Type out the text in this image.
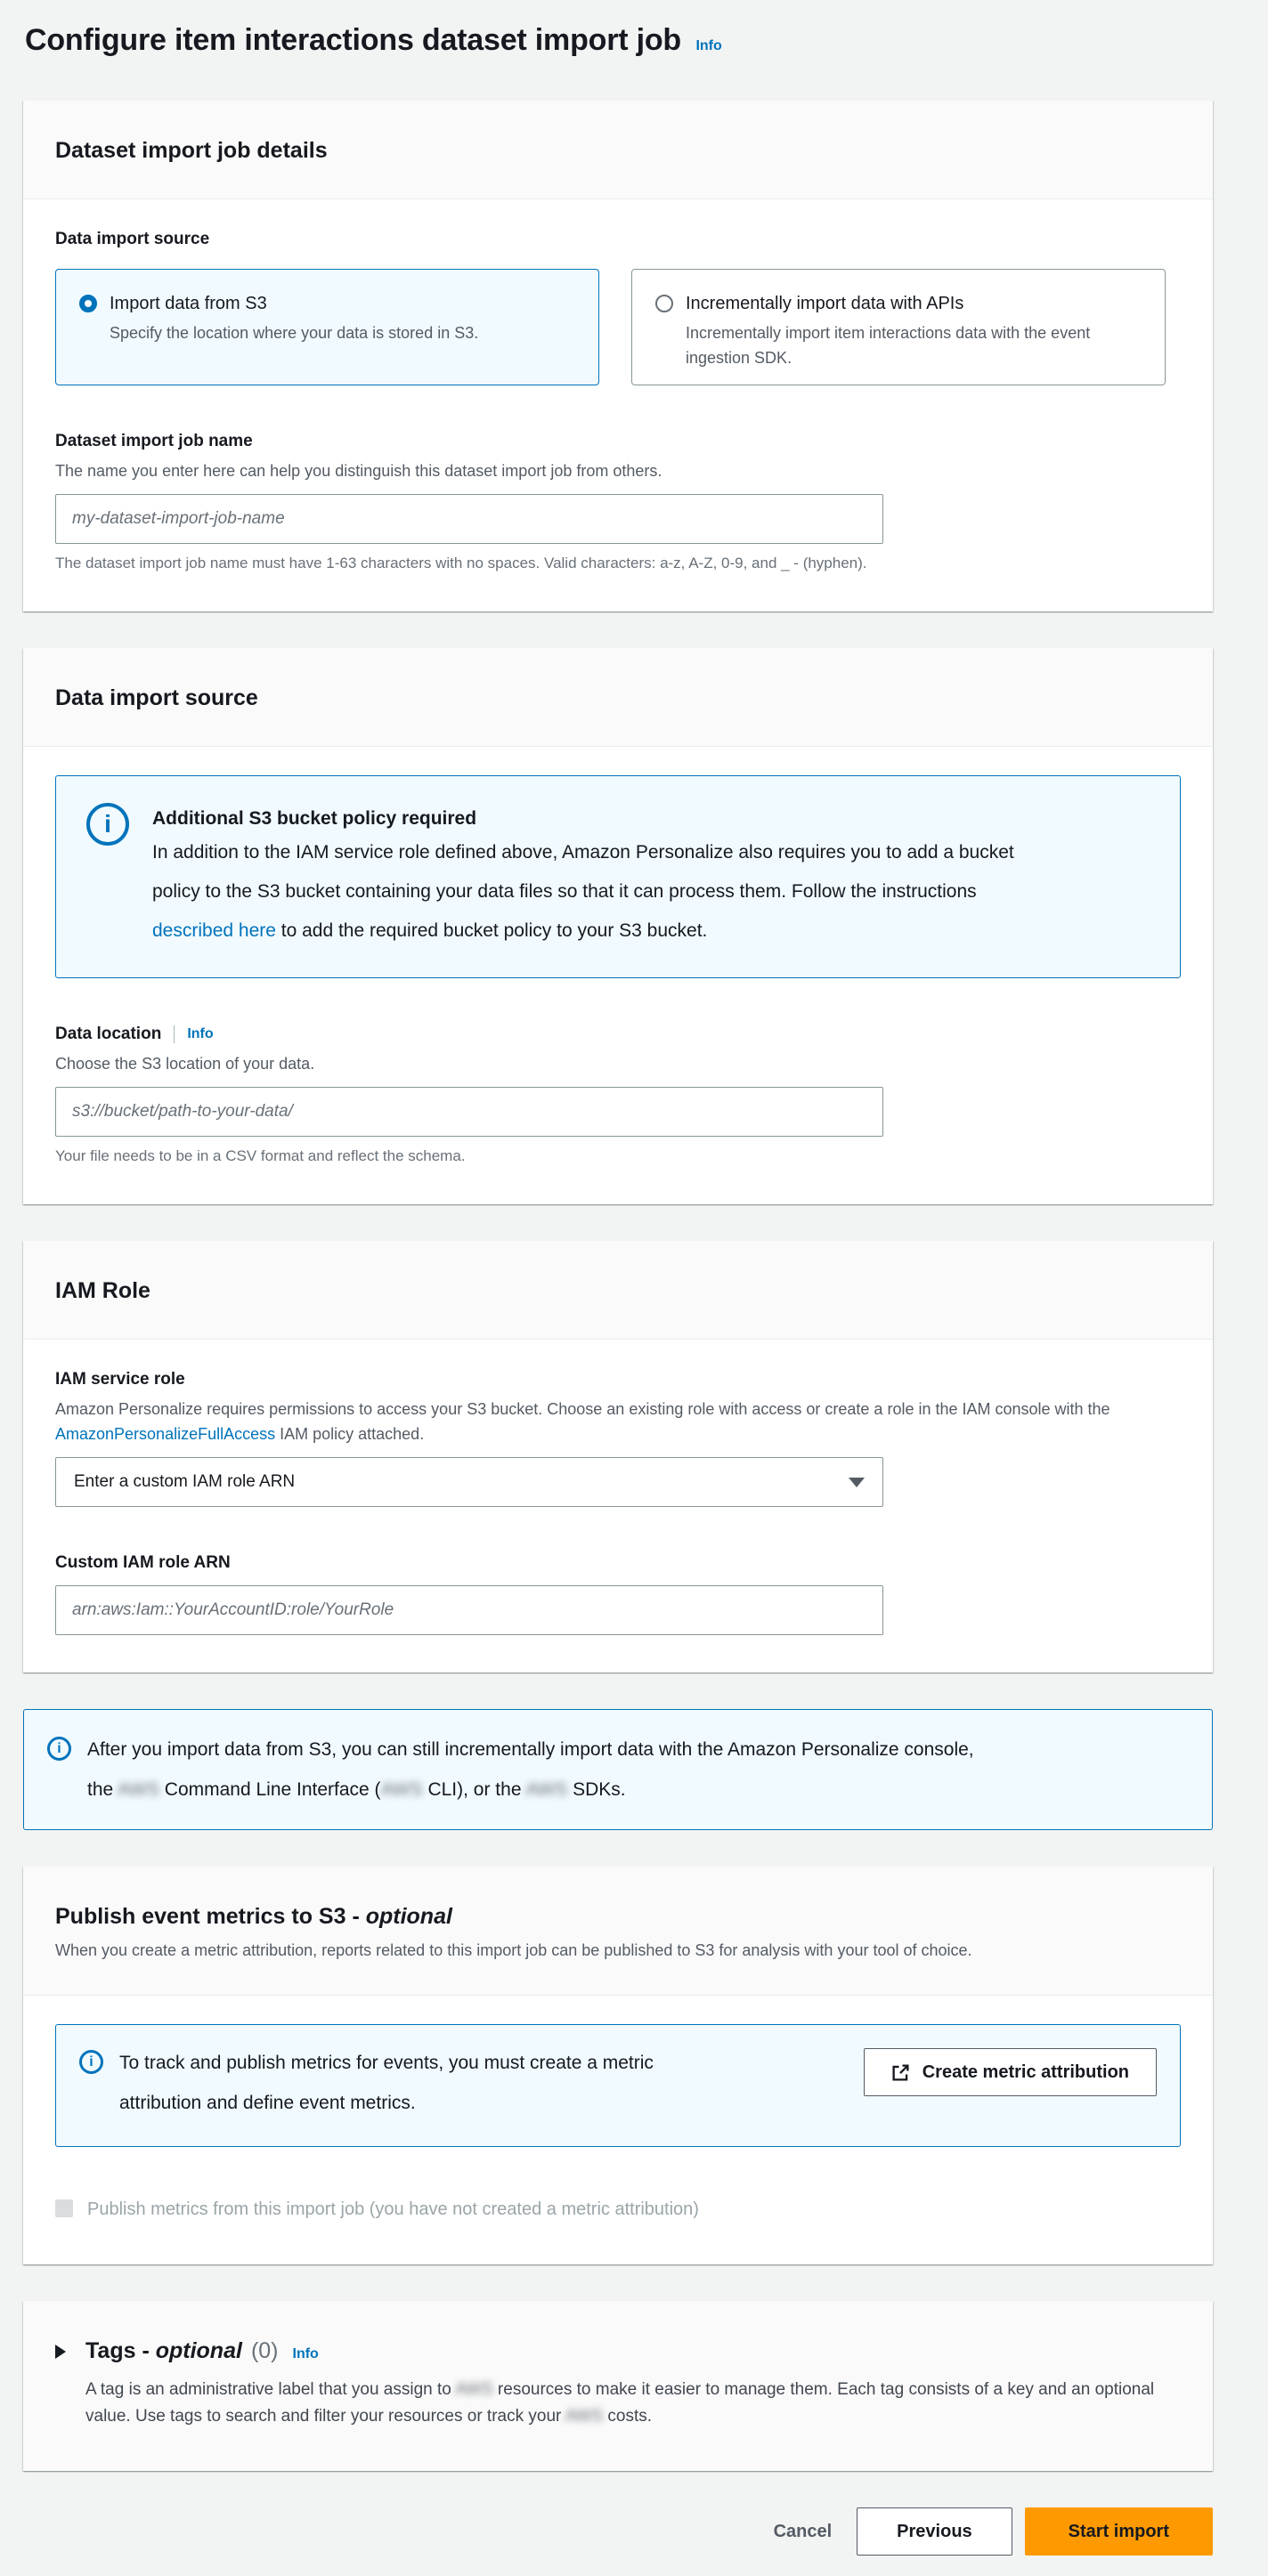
Configure item interactions dataset import job Info
Dataset import job details
Data import source
Import data from S3
Specify the location where your data is stored in S3.
Incrementally import data with APIs
Incrementally import item interactions data with the event ingestion SDK.
Dataset import job name
The name you enter here can help you distinguish this dataset import job from others.
my-dataset-import-job-name
The dataset import job name must have 1-63 characters with no spaces. Valid characters: a-z, A-Z, 0-9, and _ - (hyphen).
Data import source
i	Additional S3 bucket policy required
In addition to the IAM service role defined above, Amazon Personalize also requires you to add a bucket policy to the S3 bucket containing your data files so that it can process them. Follow the instructions described here to add the required bucket policy to your S3 bucket.
Data location Info
Choose the S3 location of your data.
s3://bucket/path-to-your-data/
Your file needs to be in a CSV format and reflect the schema.
IAM Role
IAM service role
Amazon Personalize requires permissions to access your S3 bucket. Choose an existing role with access or create a role in the IAM console with the AmazonPersonalizeFullAccess IAM policy attached.
Enter a custom IAM role ARN
Custom IAM role ARN
arn:aws:Iam::YourAccountID:role/YourRole
i	After you import data from S3, you can still incrementally import data with the Amazon Personalize console, the AWS Command Line Interface (AWS CLI), or the AWS SDKs.
Publish event metrics to S3 - optional
When you create a metric attribution, reports related to this import job can be published to S3 for analysis with your tool of choice.
i	To track and publish metrics for events, you must create a metric attribution and define event metrics.
Create metric attribution
Publish metrics from this import job (you have not created a metric attribution)
Tags - optional (0) Info
A tag is an administrative label that you assign to AWS resources to make it easier to manage them. Each tag consists of a key and an optional value. Use tags to search and filter your resources or track your AWS costs.
Cancel	Previous	Start import
